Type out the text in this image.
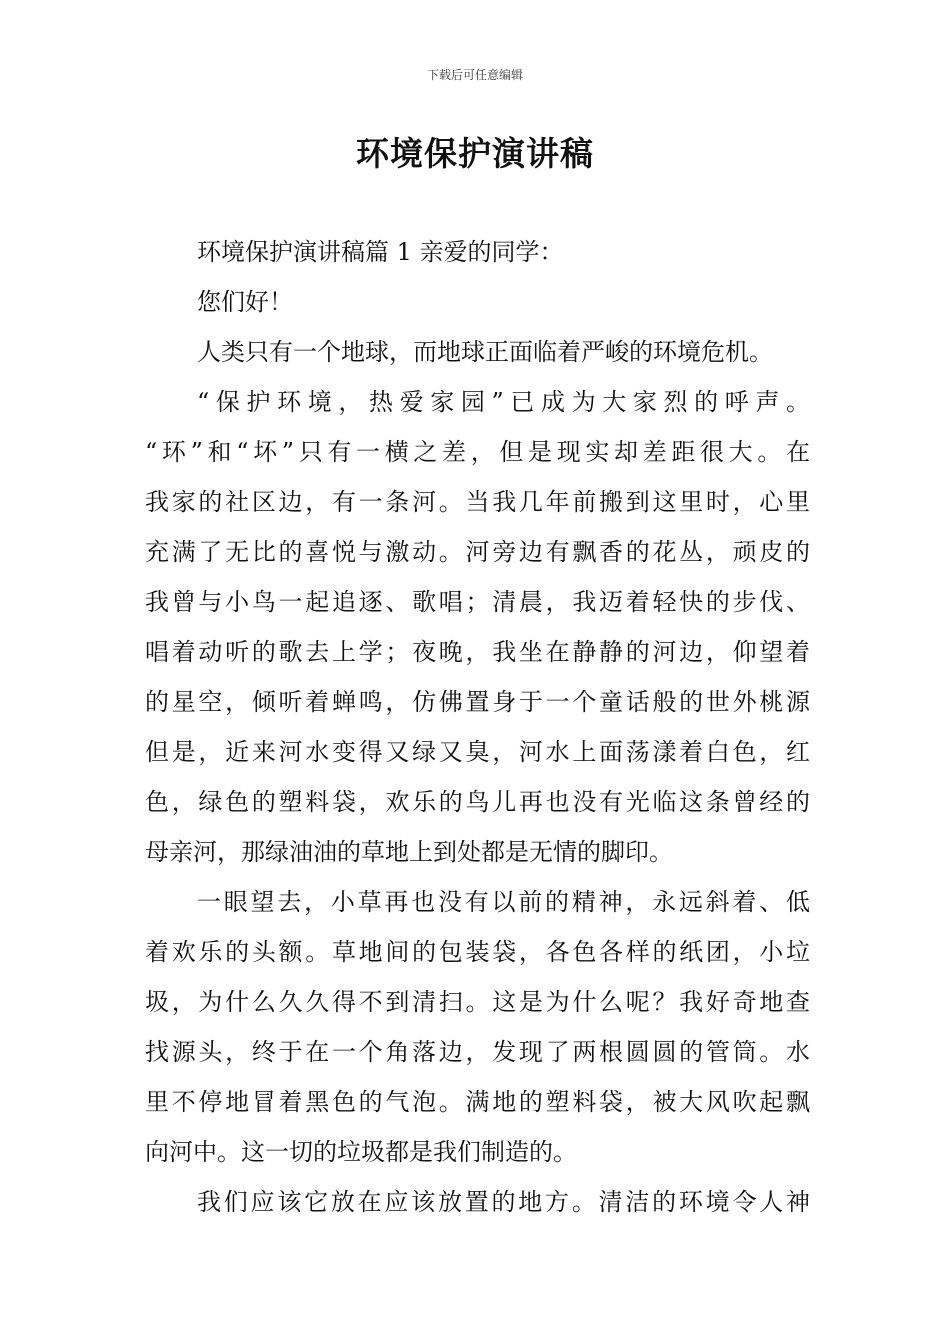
下载后可任意编辑
环境保护演讲稿
环境保护演讲稿篇 1 亲爱的同学：
您们好！
人类只有一个地球，而地球正面临着严峻的环境危机。
“保护环境，热爱家园”已成为大家烈的呼声。
“环”和“坏”只有一横之差，但是现实却差距很大。在
我家的社区边，有一条河。当我几年前搬到这里时，心里
充满了无比的喜悦与激动。河旁边有飘香的花丛，顽皮的
我曾与小鸟一起追逐、歌唱；清晨，我迈着轻快的步伐、
唱着动听的歌去上学；夜晚，我坐在静静的河边，仰望着
的星空，倾听着蝉鸣，仿佛置身于一个童话般的世外桃源
但是，近来河水变得又绿又臭，河水上面荡漾着白色，红
色，绿色的塑料袋，欢乐的鸟儿再也没有光临这条曾经的
母亲河，那绿油油的草地上到处都是无情的脚印。
一眼望去，小草再也没有以前的精神，永远斜着、低
着欢乐的头额。草地间的包装袋，各色各样的纸团，小垃
圾，为什么久久得不到清扫。这是为什么呢？我好奇地查
找源头，终于在一个角落边，发现了两根圆圆的管筒。水
里不停地冒着黑色的气泡。满地的塑料袋，被大风吹起飘
向河中。这一切的垃圾都是我们制造的。
我们应该它放在应该放置的地方。清洁的环境令人神
